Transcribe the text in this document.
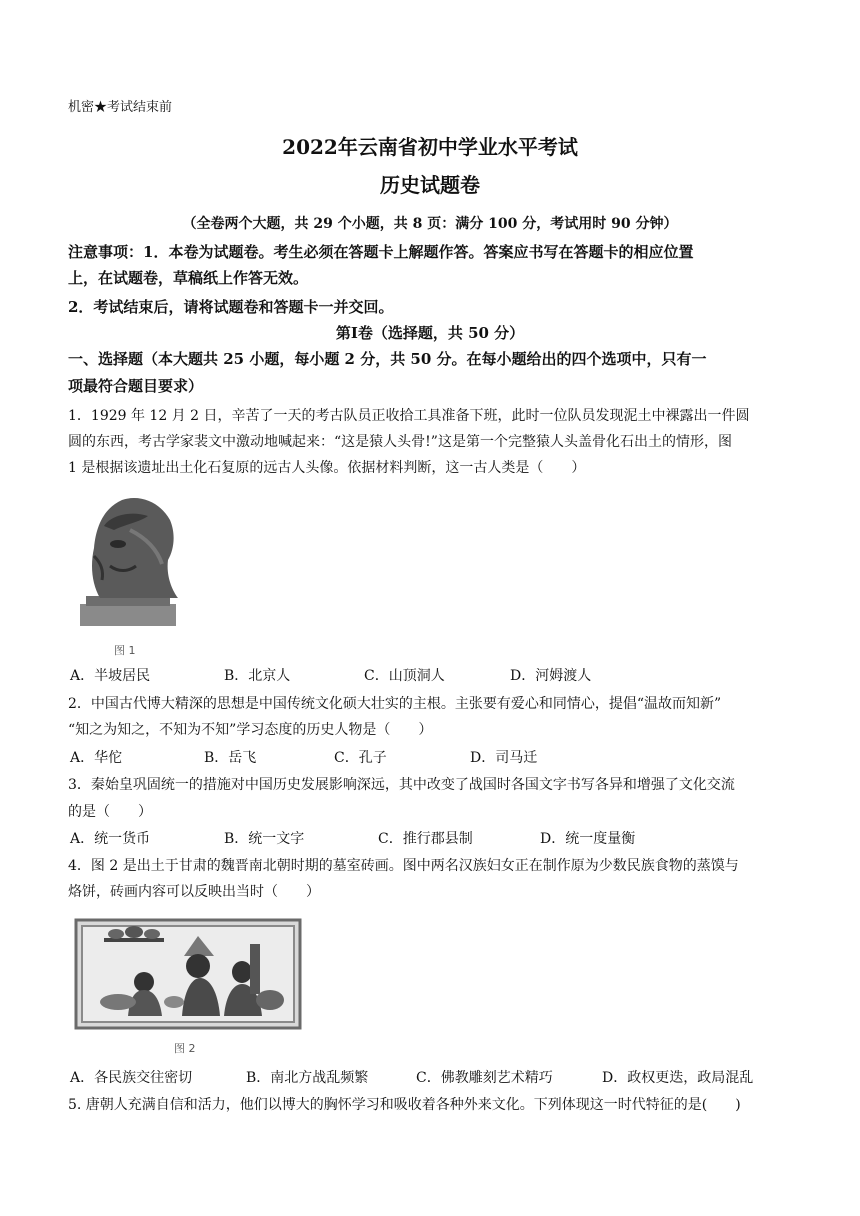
机密★考试结束前
2022年云南省初中学业水平考试
历史试题卷
（全卷两个大题，共 29 个小题，共 8 页：满分 100 分，考试用时 90 分钟）
注意事项：1．本卷为试题卷。考生必须在答题卡上解题作答。答案应书写在答题卡的相应位置
上，在试题卷，草稿纸上作答无效。
2．考试结束后，请将试题卷和答题卡一并交回。
第Ⅰ卷（选择题，共 50 分）
一、选择题（本大题共 25 小题，每小题 2 分，共 50 分。在每小题给出的四个选项中，只有一
项最符合题目要求）
1．1929 年 12 月 2 日，辛苦了一天的考古队员正收拾工具准备下班，此时一位队员发现泥土中裸露出一件圆
圆的东西，考古学家裴文中激动地喊起来：“这是猿人头骨!”这是第一个完整猿人头盖骨化石出土的情形，图
1 是根据该遗址出土化石复原的远古人头像。依据材料判断，这一古人类是（　　）
图 1
A．半坡居民	B．北京人	C．山顶洞人	D．河姆渡人
2．中国古代博大精深的思想是中国传统文化硕大壮实的主根。主张要有爱心和同情心，提倡“温故而知新”
“知之为知之，不知为不知”学习态度的历史人物是（　　）
A．华佗	B．岳飞	C．孔子	D．司马迁
3．秦始皇巩固统一的措施对中国历史发展影响深远，其中改变了战国时各国文字书写各异和增强了文化交流
的是（　　）
A．统一货币	B．统一文字	C．推行郡县制	D．统一度量衡
4．图 2 是出土于甘肃的魏晋南北朝时期的墓室砖画。图中两名汉族妇女正在制作原为少数民族食物的蒸馍与
烙饼，砖画内容可以反映出当时（　　）
图 2
A．各民族交往密切	B．南北方战乱频繁	C．佛教雕刻艺术精巧	D．政权更迭，政局混乱
5. 唐朝人充满自信和活力，他们以博大的胸怀学习和吸收着各种外来文化。下列体现这一时代特征的是(　　)
